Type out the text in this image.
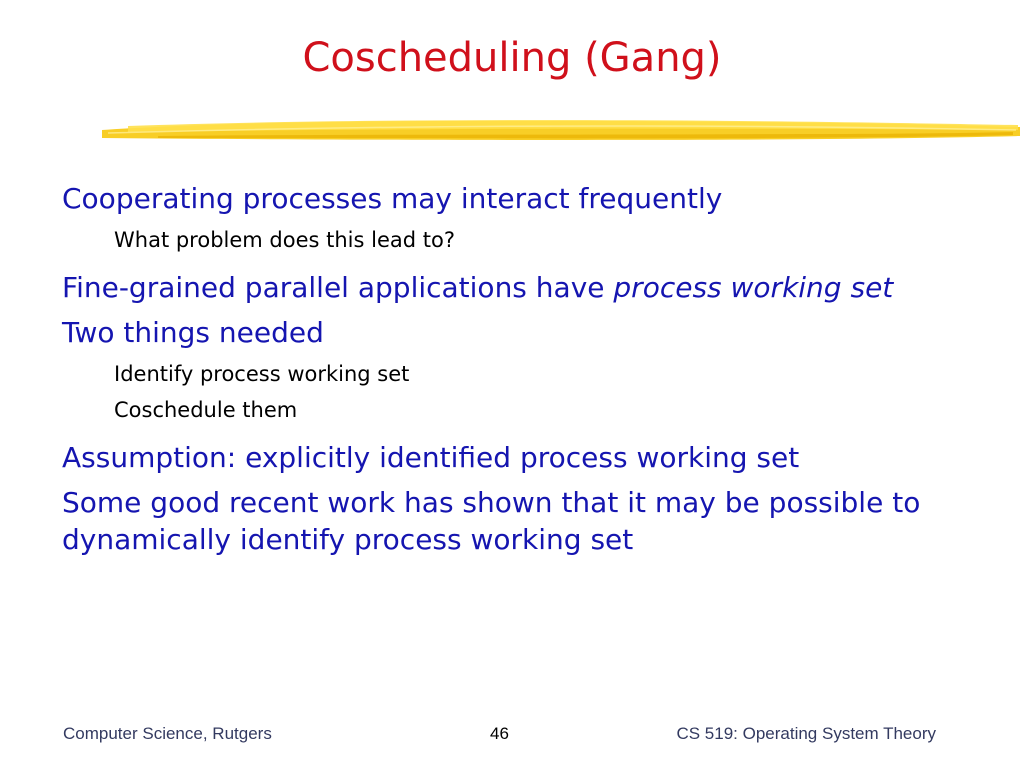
Coscheduling (Gang)
Cooperating processes may interact frequently
What problem does this lead to?
Fine-grained parallel applications have process working set
Two things needed
Identify process working set
Coschedule them
Assumption: explicitly identified process working set
Some good recent work has shown that it may be possible to dynamically identify process working set
Computer Science, Rutgers	46	CS 519: Operating System Theory
